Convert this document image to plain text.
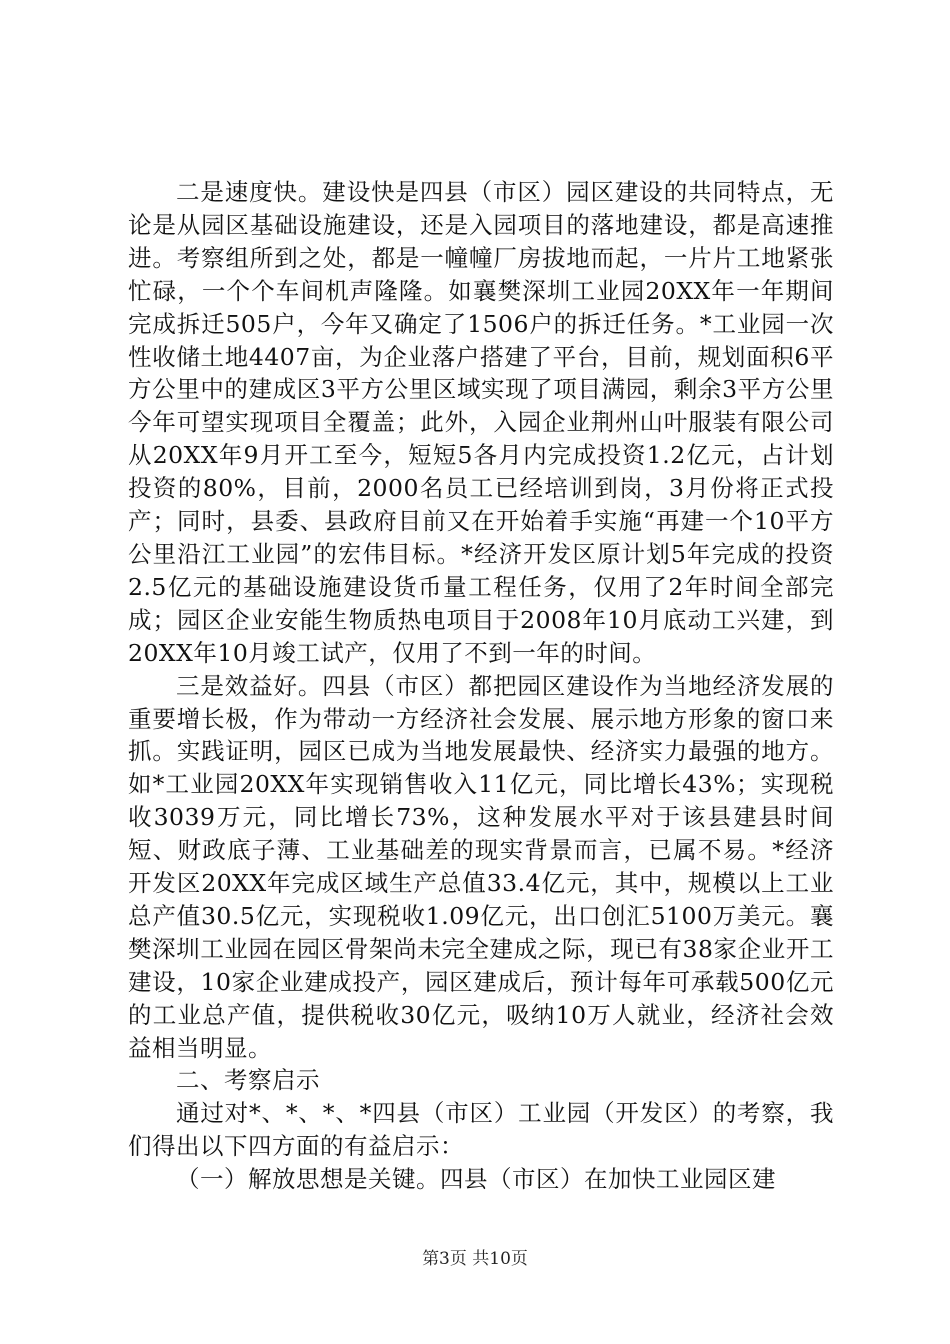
二是速度快。建设快是四县（市区）园区建设的共同特点，无论是从园区基础设施建设，还是入园项目的落地建设，都是高速推进。考察组所到之处，都是一幢幢厂房拔地而起，一片片工地紧张忙碌，一个个车间机声隆隆。如襄樊深圳工业园20XX年一年期间完成拆迁505户，今年又确定了1506户的拆迁任务。*工业园一次性收储土地4407亩，为企业落户搭建了平台，目前，规划面积6平方公里中的建成区3平方公里区域实现了项目满园，剩余3平方公里今年可望实现项目全覆盖；此外，入园企业荆州山叶服装有限公司从20XX年9月开工至今，短短5各月内完成投资1.2亿元，占计划投资的80%，目前，2000名员工已经培训到岗，3月份将正式投产；同时，县委、县政府目前又在开始着手实施“再建一个10平方公里沿江工业园”的宏伟目标。*经济开发区原计划5年完成的投资2.5亿元的基础设施建设货币量工程任务，仅用了2年时间全部完成；园区企业安能生物质热电项目于2008年10月底动工兴建，到20XX年10月竣工试产，仅用了不到一年的时间。

三是效益好。四县（市区）都把园区建设作为当地经济发展的重要增长极，作为带动一方经济社会发展、展示地方形象的窗口来抓。实践证明，园区已成为当地发展最快、经济实力最强的地方。如*工业园20XX年实现销售收入11亿元，同比增长43%；实现税收3039万元，同比增长73%，这种发展水平对于该县建县时间短、财政底子薄、工业基础差的现实背景而言，已属不易。*经济开发区20XX年完成区域生产总值33.4亿元，其中，规模以上工业总产值30.5亿元，实现税收1.09亿元，出口创汇5100万美元。襄樊深圳工业园在园区骨架尚未完全建成之际，现已有38家企业开工建设，10家企业建成投产，园区建成后，预计每年可承载500亿元的工业总产值，提供税收30亿元，吸纳10万人就业，经济社会效益相当明显。

二、考察启示

通过对*、*、*、*四县（市区）工业园（开发区）的考察，我们得出以下四方面的有益启示：

（一）解放思想是关键。四县（市区）在加快工业园区建

第3页 共10页
